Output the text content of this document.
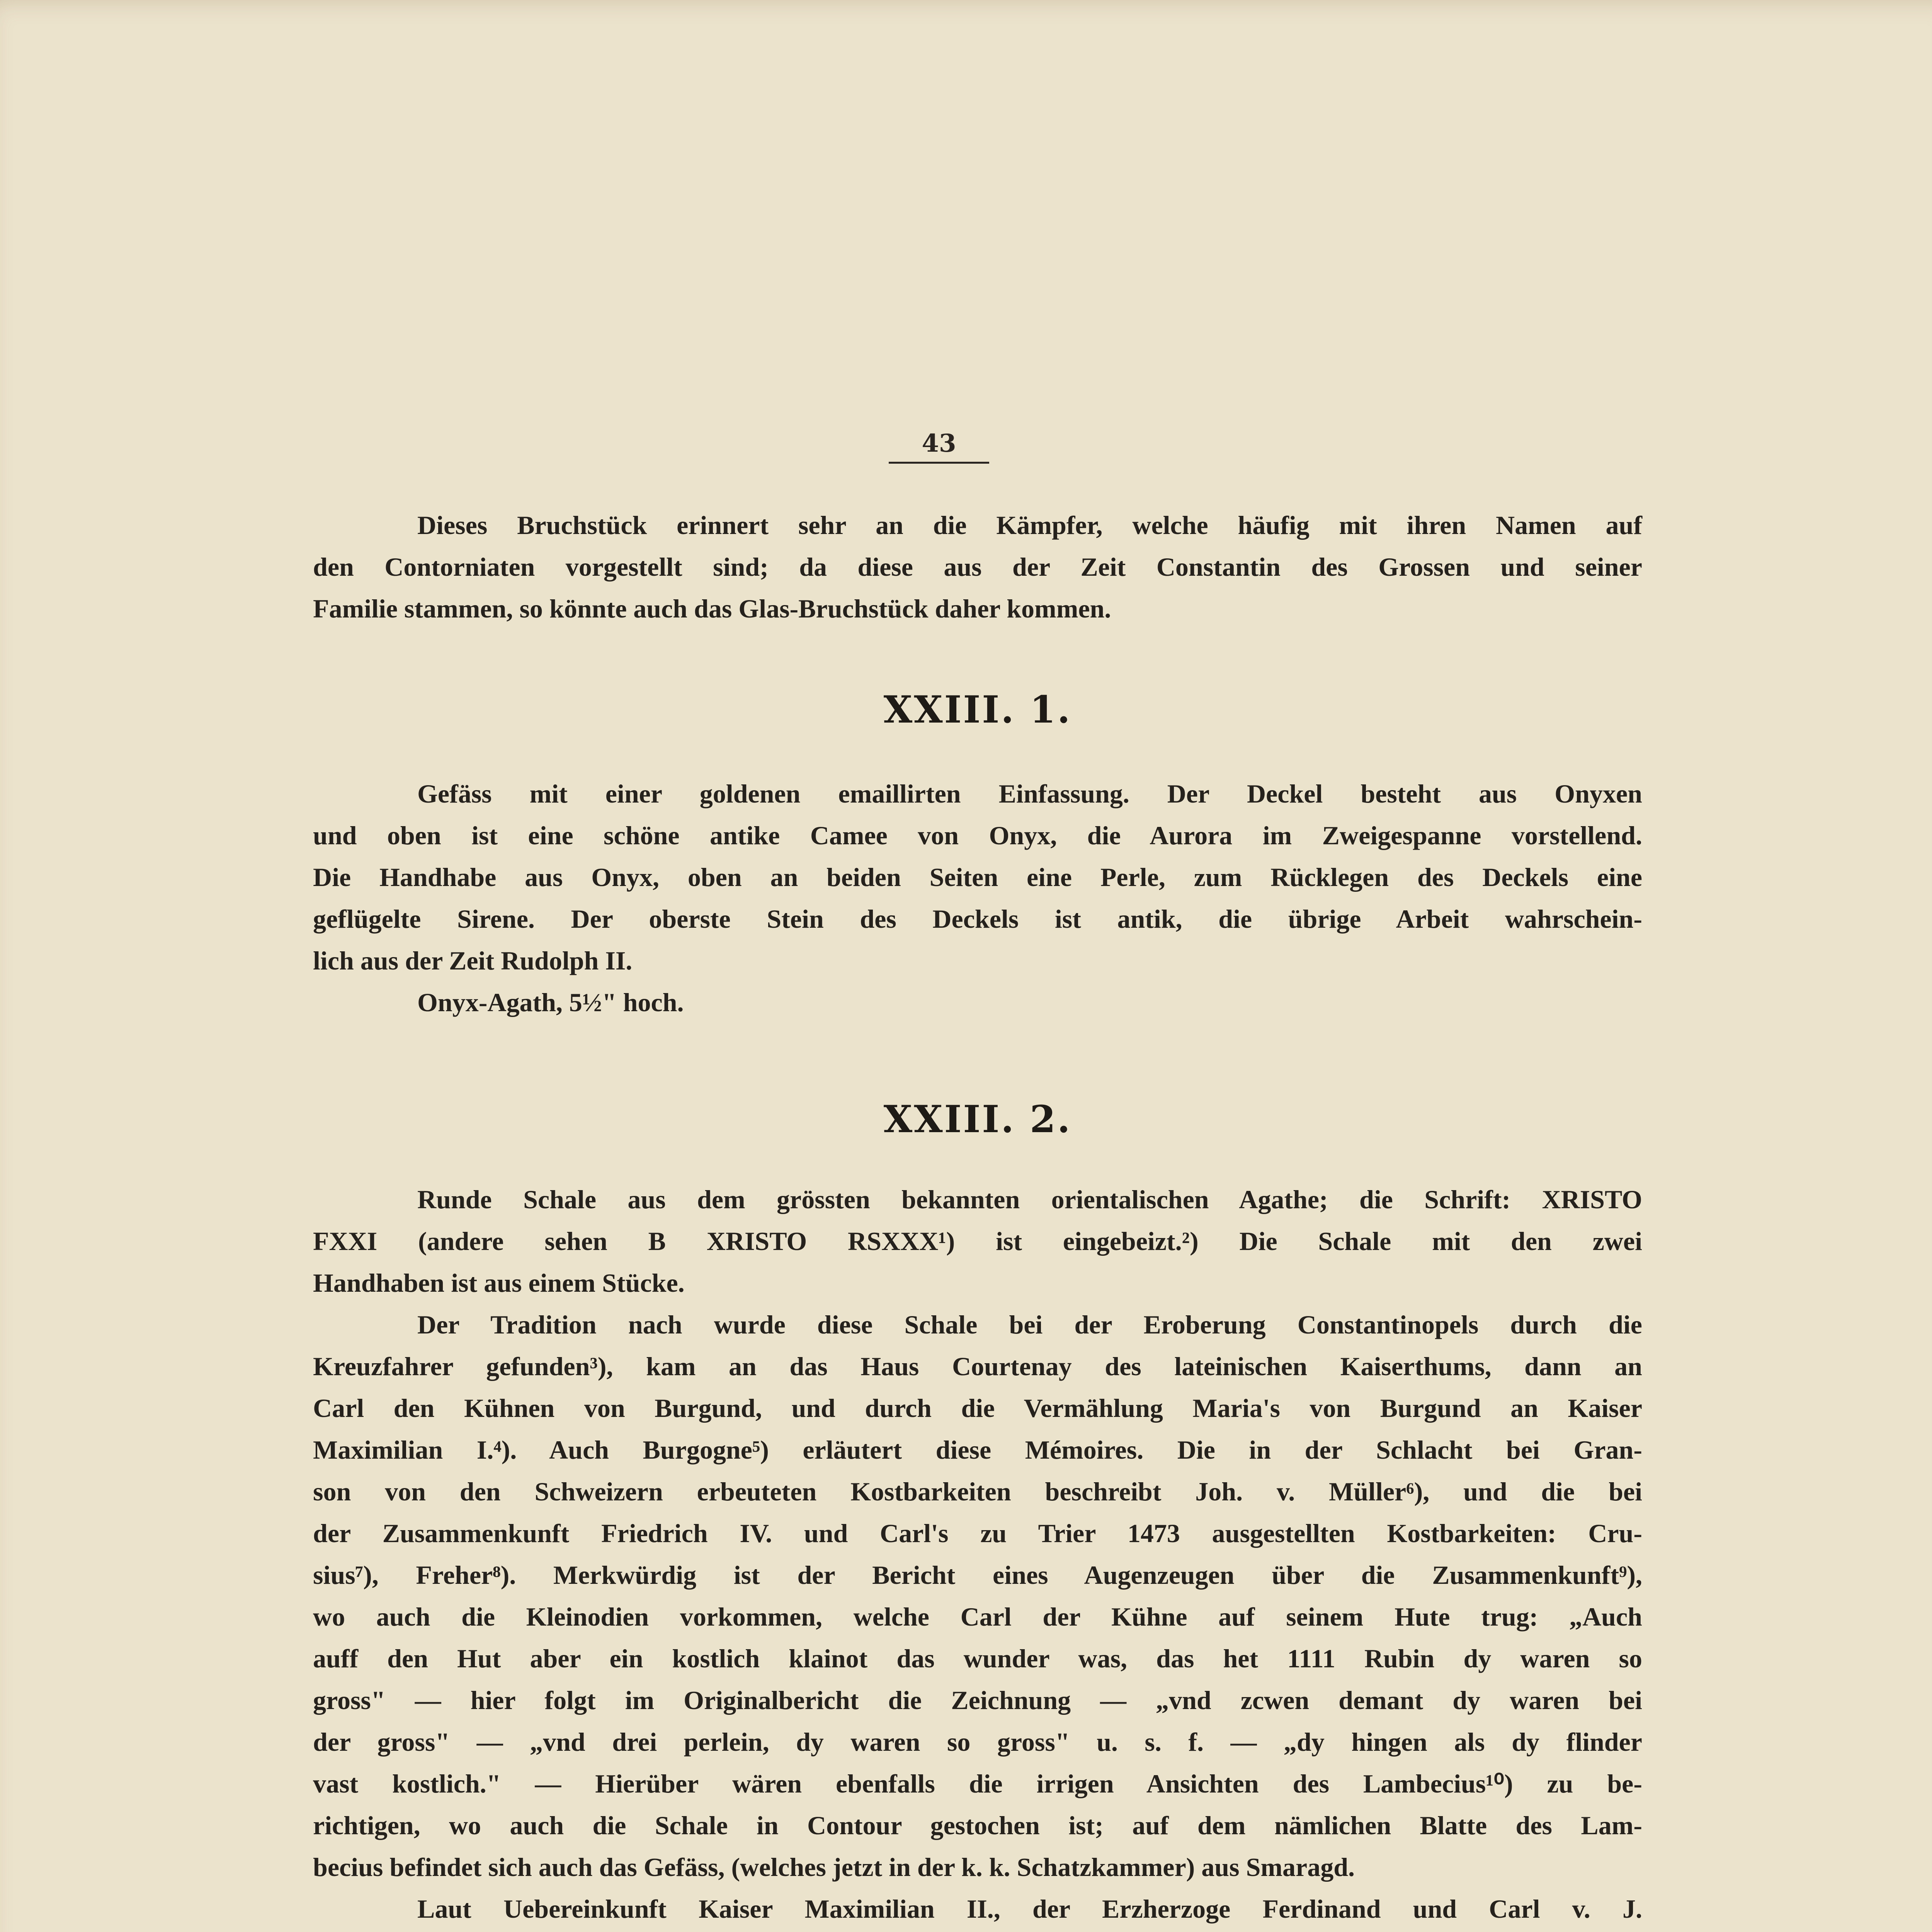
43

Dieses Bruchstück erinnert sehr an die Kämpfer, welche häufig mit ihren Namen auf

den Contorniaten vorgestellt sind; da diese aus der Zeit Constantin des Grossen und seiner

Familie stammen, so könnte auch das Glas-Bruchstück daher kommen.

XXIII. 1.

Gefäss mit einer goldenen emaillirten Einfassung. Der Deckel besteht aus Onyxen

und oben ist eine schöne antike Camee von Onyx, die Aurora im Zweigespanne vorstellend.

Die Handhabe aus Onyx, oben an beiden Seiten eine Perle, zum Rücklegen des Deckels eine

geflügelte Sirene. Der oberste Stein des Deckels ist antik, die übrige Arbeit wahrschein-

lich aus der Zeit Rudolph II.

Onyx-Agath, 5½" hoch.

XXIII. 2.

Runde Schale aus dem grössten bekannten orientalischen Agathe; die Schrift: XRISTO

FXXI (andere sehen B XRISTO RSXXX¹) ist eingebeizt.²) Die Schale mit den zwei

Handhaben ist aus einem Stücke.

Der Tradition nach wurde diese Schale bei der Eroberung Constantinopels durch die

Kreuzfahrer gefunden³), kam an das Haus Courtenay des lateinischen Kaiserthums, dann an

Carl den Kühnen von Burgund, und durch die Vermählung Maria's von Burgund an Kaiser

Maximilian I.⁴). Auch Burgogne⁵) erläutert diese Mémoires. Die in der Schlacht bei Gran-

son von den Schweizern erbeuteten Kostbarkeiten beschreibt Joh. v. Müller⁶), und die bei

der Zusammenkunft Friedrich IV. und Carl's zu Trier 1473 ausgestellten Kostbarkeiten: Cru-

sius⁷), Freher⁸). Merkwürdig ist der Bericht eines Augenzeugen über die Zusammenkunft⁹),

wo auch die Kleinodien vorkommen, welche Carl der Kühne auf seinem Hute trug: „Auch

auff den Hut aber ein kostlich klainot das wunder was, das het 1111 Rubin dy waren so

gross" — hier folgt im Originalbericht die Zeichnung — „vnd zcwen demant dy waren bei

der gross" — „vnd drei perlein, dy waren so gross" u. s. f. — „dy hingen als dy flinder

vast kostlich." — Hierüber wären ebenfalls die irrigen Ansichten des Lambecius¹⁰) zu be-

richtigen, wo auch die Schale in Contour gestochen ist; auf dem nämlichen Blatte des Lam-

becius befindet sich auch das Gefäss, (welches jetzt in der k. k. Schatzkammer) aus Smaragd.

Laut Uebereinkunft Kaiser Maximilian II., der Erzherzoge Ferdinand und Carl v. J.
